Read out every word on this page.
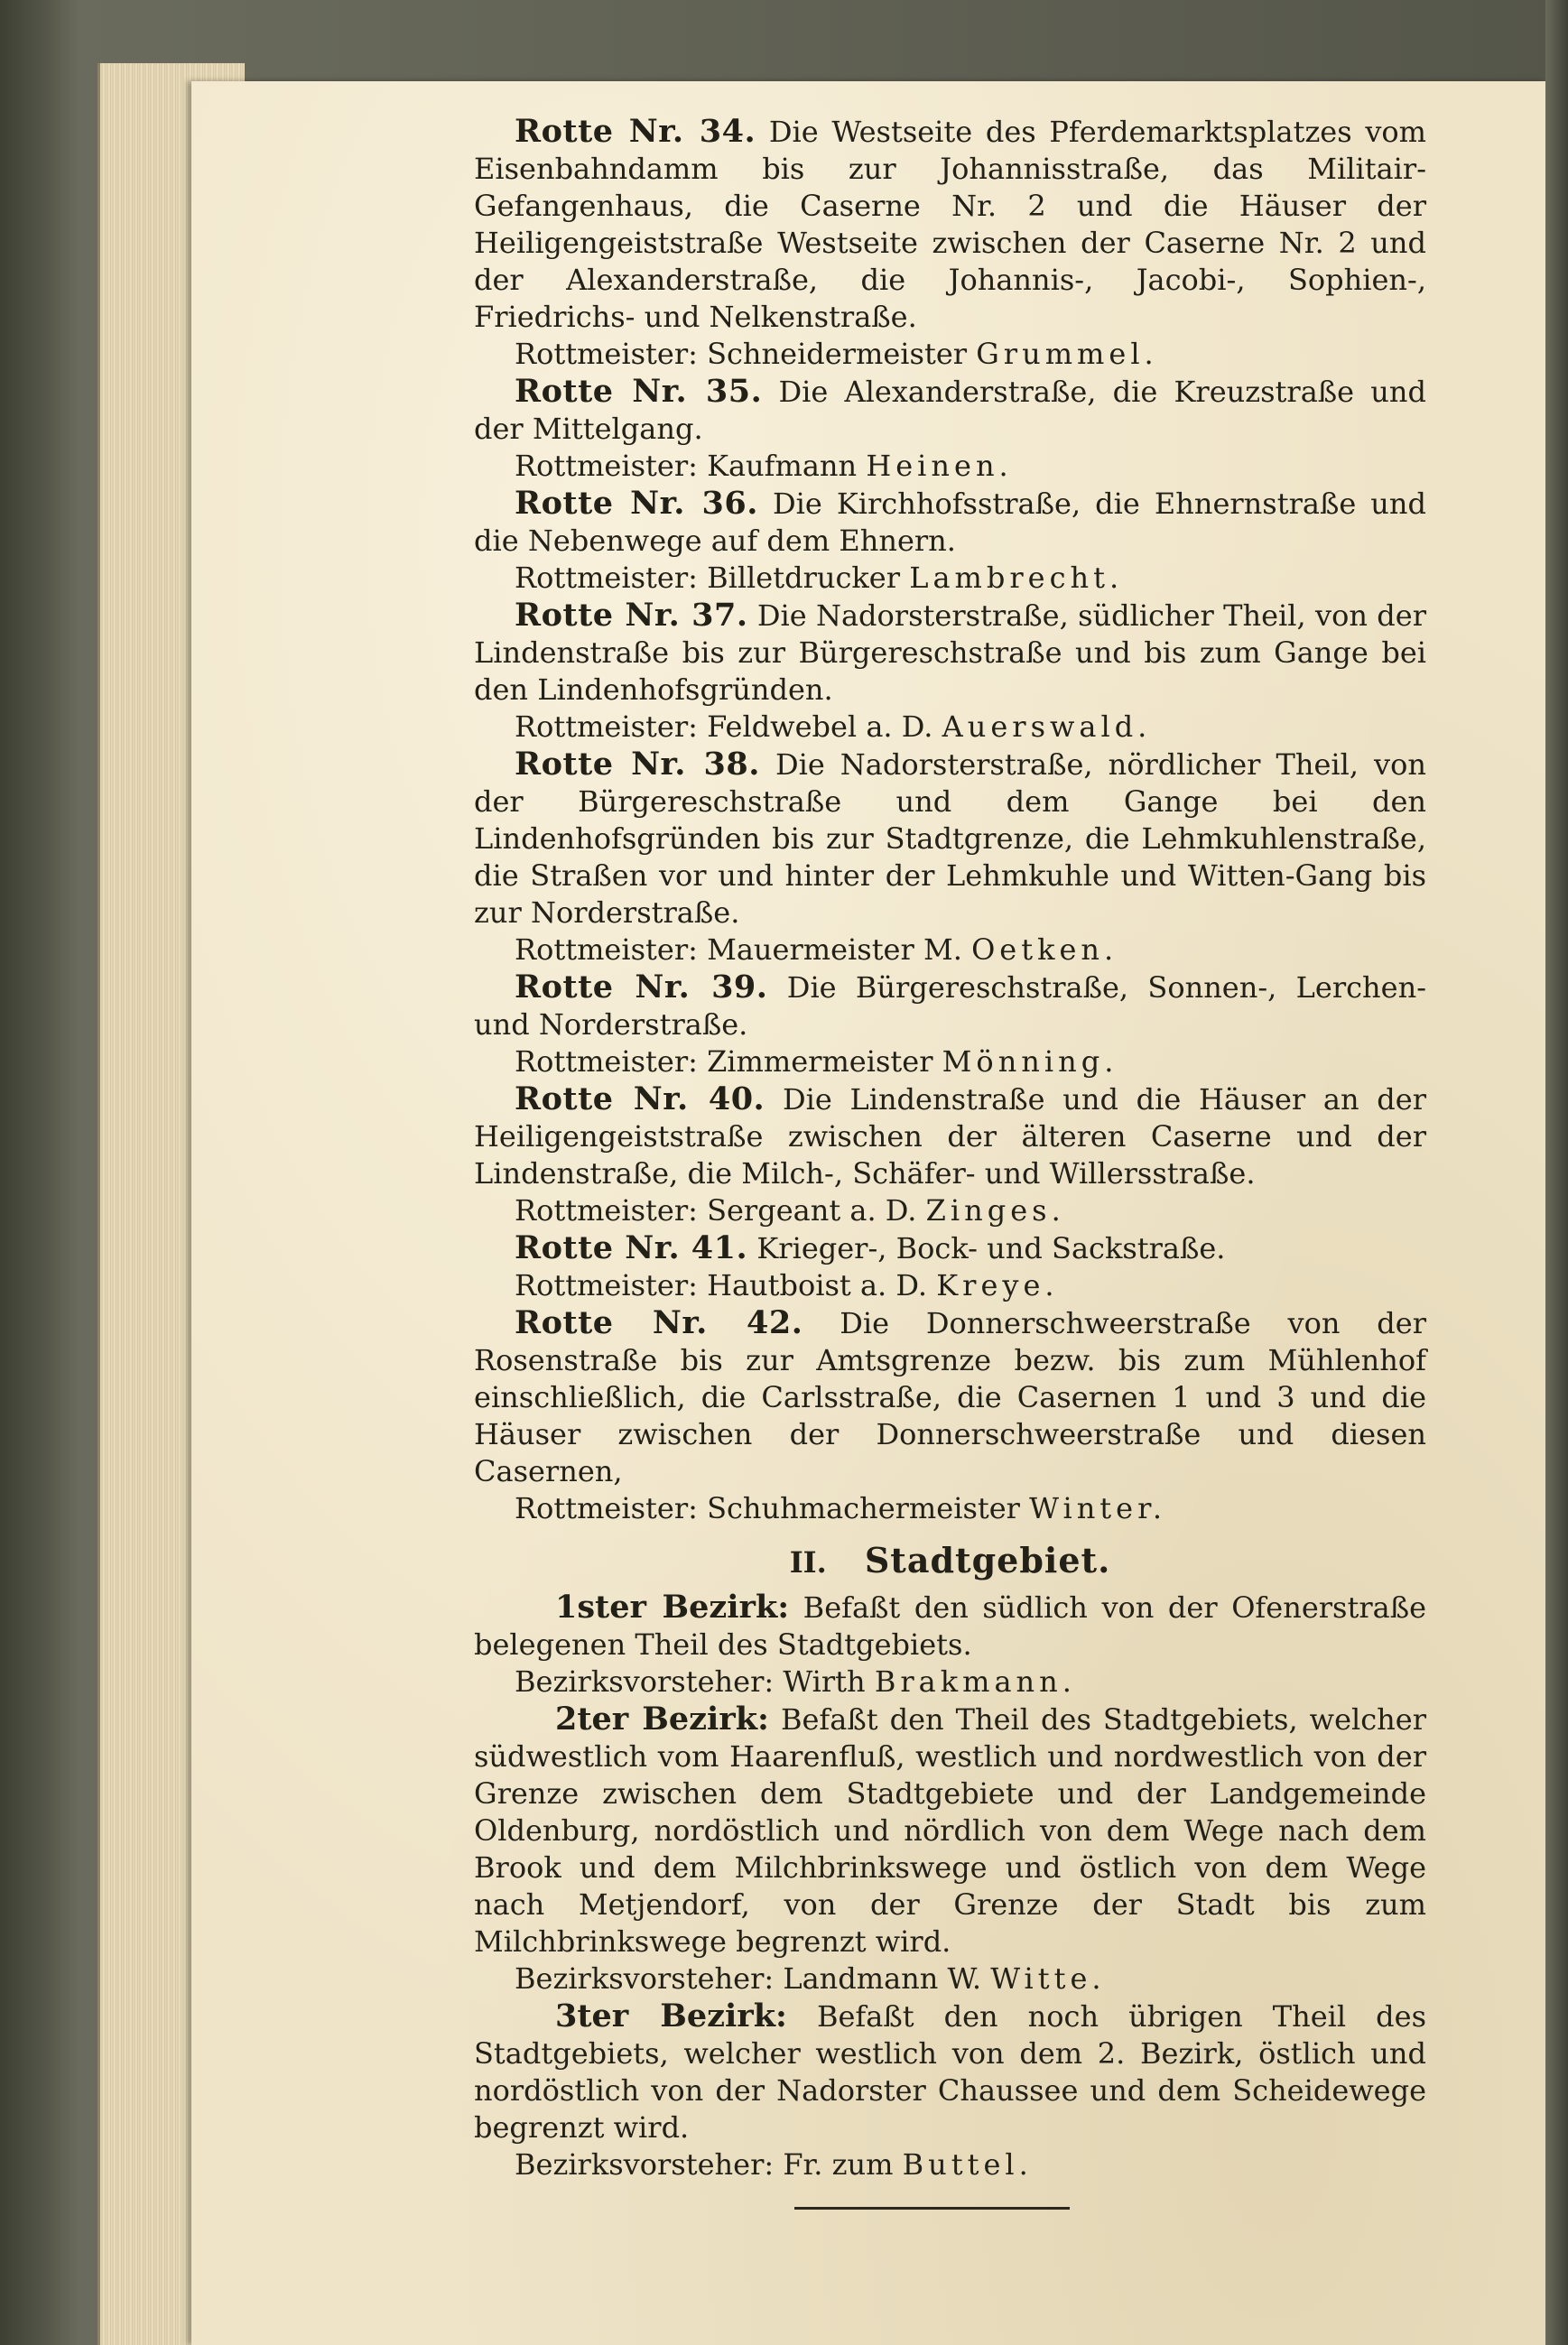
Rotte Nr. 34. Die Westseite des Pferdemarktsplatzes vom Eisenbahndamm bis zur Johannisstraße, das Militair-Gefangenhaus, die Caserne Nr. 2 und die Häuser der Heiligengeiststraße Westseite zwischen der Caserne Nr. 2 und der Alexanderstraße, die Johannis-, Jacobi-, Sophien-, Friedrichs- und Nelkenstraße.

Rottmeister: Schneidermeister Grummel.

Rotte Nr. 35. Die Alexanderstraße, die Kreuzstraße und der Mittelgang.

Rottmeister: Kaufmann Heinen.

Rotte Nr. 36. Die Kirchhofsstraße, die Ehnernstraße und die Nebenwege auf dem Ehnern.

Rottmeister: Billetdrucker Lambrecht.

Rotte Nr. 37. Die Nadorsterstraße, südlicher Theil, von der Lindenstraße bis zur Bürgereschstraße und bis zum Gange bei den Lindenhofsgründen.

Rottmeister: Feldwebel a. D. Auerswald.

Rotte Nr. 38. Die Nadorsterstraße, nördlicher Theil, von der Bürgereschstraße und dem Gange bei den Lindenhofsgründen bis zur Stadtgrenze, die Lehmkuhlenstraße, die Straßen vor und hinter der Lehmkuhle und Witten-Gang bis zur Norderstraße.

Rottmeister: Mauermeister M. Oetken.

Rotte Nr. 39. Die Bürgereschstraße, Sonnen-, Lerchen- und Norderstraße.

Rottmeister: Zimmermeister Mönning.

Rotte Nr. 40. Die Lindenstraße und die Häuser an der Heiligengeiststraße zwischen der älteren Caserne und der Lindenstraße, die Milch-, Schäfer- und Willersstraße.

Rottmeister: Sergeant a. D. Zinges.

Rotte Nr. 41. Krieger-, Bock- und Sackstraße.

Rottmeister: Hautboist a. D. Kreye.

Rotte Nr. 42. Die Donnerschweerstraße von der Rosenstraße bis zur Amtsgrenze bezw. bis zum Mühlenhof einschließlich, die Carlsstraße, die Casernen 1 und 3 und die Häuser zwischen der Donnerschweerstraße und diesen Casernen,

Rottmeister: Schuhmachermeister Winter.

II. Stadtgebiet.

1ster Bezirk: Befaßt den südlich von der Ofenerstraße belegenen Theil des Stadtgebiets.

Bezirksvorsteher: Wirth Brakmann.

2ter Bezirk: Befaßt den Theil des Stadtgebiets, welcher südwestlich vom Haarenfluß, westlich und nordwestlich von der Grenze zwischen dem Stadtgebiete und der Landgemeinde Oldenburg, nordöstlich und nördlich von dem Wege nach dem Brook und dem Milchbrinkswege und östlich von dem Wege nach Metjendorf, von der Grenze der Stadt bis zum Milchbrinkswege begrenzt wird.

Bezirksvorsteher: Landmann W. Witte.

3ter Bezirk: Befaßt den noch übrigen Theil des Stadtgebiets, welcher westlich von dem 2. Bezirk, östlich und nordöstlich von der Nadorster Chaussee und dem Scheidewege begrenzt wird.

Bezirksvorsteher: Fr. zum Buttel.
